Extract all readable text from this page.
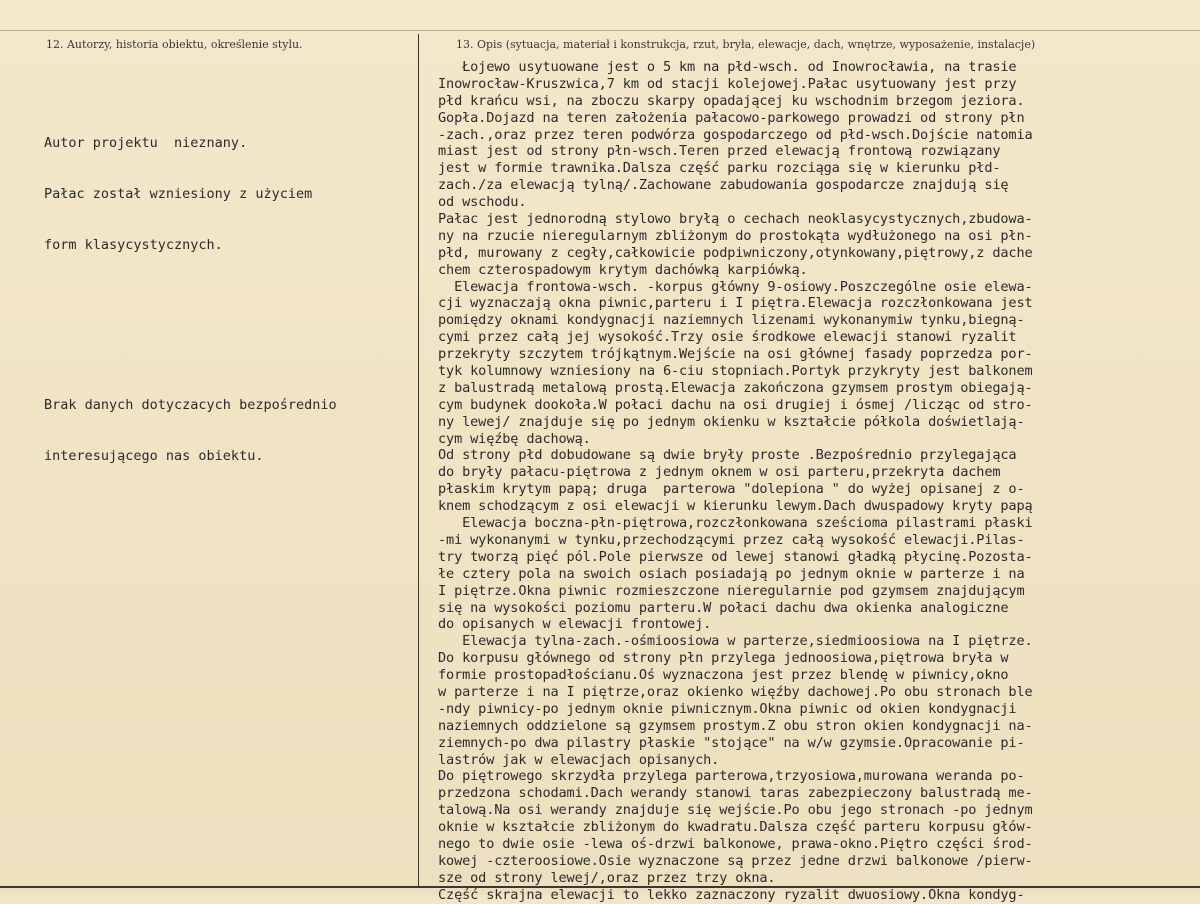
12. Autorzy, historia obiektu, określenie stylu.	13. Opis (sytuacja, materiał i konstrukcja, rzut, bryła, elewacje, dach, wnętrze, wyposażenie, instalacje)

Autor projektu  nieznany.

Pałac został wzniesiony z użyciem

form klasycystycznych.

Brak danych dotyczacych bezpośrednio

interesującego nas obiektu.

Łojewo usytuowane jest o 5 km na płd-wsch. od Inowrocławia, na trasie
Inowrocław-Kruszwica,7 km od stacji kolejowej.Pałac usytuowany jest przy
płd krańcu wsi, na zboczu skarpy opadającej ku wschodnim brzegom jeziora.
Gopła.Dojazd na teren założenia pałacowo-parkowego prowadzi od strony płn
-zach.,oraz przez teren podwórza gospodarczego od płd-wsch.Dojście natomia
miast jest od strony płn-wsch.Teren przed elewacją frontową rozwiązany
jest w formie trawnika.Dalsza część parku rozciąga się w kierunku płd-
zach./za elewacją tylną/.Zachowane zabudowania gospodarcze znajdują się
od wschodu.
Pałac jest jednorodną stylowo bryłą o cechach neoklasycystycznych,zbudowa-
ny na rzucie nieregularnym zbliżonym do prostokąta wydłużonego na osi płn-
płd, murowany z cegły,całkowicie podpiwniczony,otynkowany,piętrowy,z dache
chem czterospadowym krytym dachówką karpiówką.
Elewacja frontowa-wsch. -korpus główny 9-osiowy.Poszczególne osie elewa-
cji wyznaczają okna piwnic,parteru i I piętra.Elewacja rozczłonkowana jest
pomiędzy oknami kondygnacji naziemnych lizenami wykonanymiw tynku,biegną-
cymi przez całą jej wysokość.Trzy osie środkowe elewacji stanowi ryzalit
przekryty szczytem trójkątnym.Wejście na osi głównej fasady poprzedza por-
tyk kolumnowy wzniesiony na 6-ciu stopniach.Portyk przykryty jest balkonem
z balustradą metalową prostą.Elewacja zakończona gzymsem prostym obiegają-
cym budynek dookoła.W połaci dachu na osi drugiej i ósmej /licząc od stro-
ny lewej/ znajduje się po jednym okienku w kształcie półkola doświetlają-
cym więźbę dachową.
Od strony płd dobudowane są dwie bryły proste .Bezpośrednio przylegająca
do bryły pałacu-piętrowa z jednym oknem w osi parteru,przekryta dachem
płaskim krytym papą; druga  parterowa "dolepiona " do wyżej opisanej z o-
knem schodzącym z osi elewacji w kierunku lewym.Dach dwuspadowy kryty papą
Elewacja boczna-płn-piętrowa,rozczłonkowana sześcioma pilastrami płaski
-mi wykonanymi w tynku,przechodzącymi przez całą wysokość elewacji.Pilas-
try tworzą pięć pól.Pole pierwsze od lewej stanowi gładką płycinę.Pozosta-
łe cztery pola na swoich osiach posiadają po jednym oknie w parterze i na
I piętrze.Okna piwnic rozmieszczone nieregularnie pod gzymsem znajdującym
się na wysokości poziomu parteru.W połaci dachu dwa okienka analogiczne
do opisanych w elewacji frontowej.
Elewacja tylna-zach.-ośmioosiowa w parterze,siedmioosiowa na I piętrze.
Do korpusu głównego od strony płn przylega jednoosiowa,piętrowa bryła w
formie prostopadłościanu.Oś wyznaczona jest przez blendę w piwnicy,okno
w parterze i na I piętrze,oraz okienko więźby dachowej.Po obu stronach ble
-ndy piwnicy-po jednym oknie piwnicznym.Okna piwnic od okien kondygnacji
naziemnych oddzielone są gzymsem prostym.Z obu stron okien kondygnacji na-
ziemnych-po dwa pilastry płaskie "stojące" na w/w gzymsie.Opracowanie pi-
lastrów jak w elewacjach opisanych.
Do piętrowego skrzydła przylega parterowa,trzyosiowa,murowana weranda po-
przedzona schodami.Dach werandy stanowi taras zabezpieczony balustradą me-
talową.Na osi werandy znajduje się wejście.Po obu jego stronach -po jednym
oknie w kształcie zbliżonym do kwadratu.Dalsza część parteru korpusu głów-
nego to dwie osie -lewa oś-drzwi balkonowe, prawa-okno.Piętro części środ-
kowej -czteroosiowe.Osie wyznaczone są przez jedne drzwi balkonowe /pierw-
sze od strony lewej/,oraz przez trzy okna.
Część skrajna elewacji to lekko zaznaczony ryzalit dwuosiowy.Okna kondyg-
